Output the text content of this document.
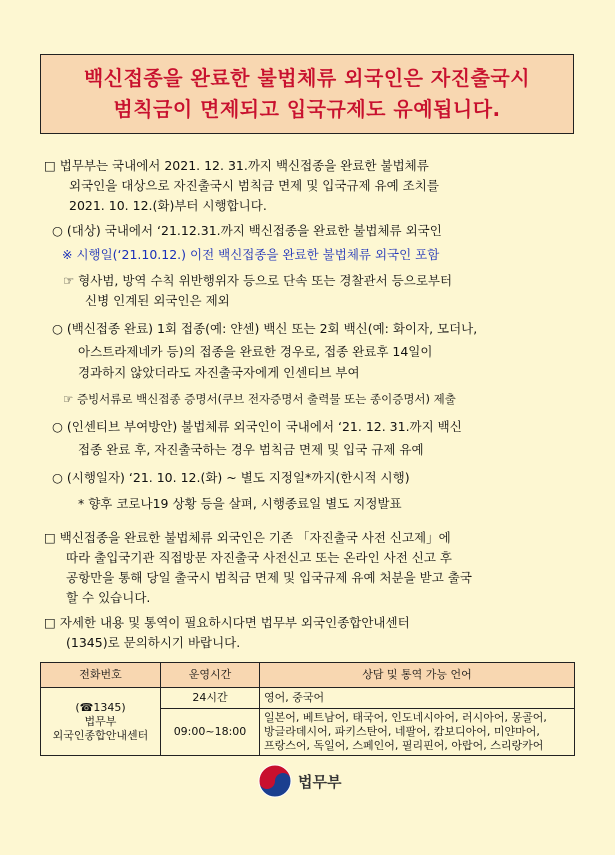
백신접종을 완료한 불법체류 외국인은 자진출국시
범칙금이 면제되고 입국규제도 유예됩니다.
□ 법무부는 국내에서 2021. 12. 31.까지 백신접종을 완료한 불법체류
외국인을 대상으로 자진출국시 범칙금 면제 및 입국규제 유예 조치를
2021. 10. 12.(화)부터 시행합니다.
○ (대상) 국내에서 ‘21.12.31.까지 백신접종을 완료한 불법체류 외국인
※ 시행일(‘21.10.12.) 이전 백신접종을 완료한 불법체류 외국인 포함
☞ 형사범, 방역 수칙 위반행위자 등으로 단속 또는 경찰관서 등으로부터
신병 인계된 외국인은 제외
○ (백신접종 완료) 1회 접종(예: 얀센) 백신 또는 2회 백신(예: 화이자, 모더나,
아스트라제네카 등)의 접종을 완료한 경우로, 접종 완료후 14일이
경과하지 않았더라도 자진출국자에게 인센티브 부여
☞ 증빙서류로 백신접종 증명서(쿠브 전자증명서 출력물 또는 종이증명서) 제출
○ (인센티브 부여방안) 불법체류 외국인이 국내에서 ‘21. 12. 31.까지 백신
접종 완료 후, 자진출국하는 경우 범칙금 면제 및 입국 규제 유예
○ (시행일자) ‘21. 10. 12.(화) ~ 별도 지정일*까지(한시적 시행)
* 향후 코로나19 상황 등을 살펴, 시행종료일 별도 지정발표
□ 백신접종을 완료한 불법체류 외국인은 기존 「자진출국 사전 신고제」에
따라 출입국기관 직접방문 자진출국 사전신고 또는 온라인 사전 신고 후
공항만을 통해 당일 출국시 범칙금 면제 및 입국규제 유예 처분을 받고 출국
할 수 있습니다.
□ 자세한 내용 및 통역이 필요하시다면 법무부 외국인종합안내센터
(1345)로 문의하시기 바랍니다.
전화번호	운영시간	상담 및 통역 가능 언어

(☎1345)
법무부
외국인종합안내센터	24시간	영어, 중국어
	09:00~18:00	일본어, 베트남어, 태국어, 인도네시아어, 러시아어, 몽골어,
방글라데시어, 파키스탄어, 네팔어, 캄보디아어, 미얀마어,
프랑스어, 독일어, 스페인어, 필리핀어, 아랍어, 스리랑카어
법무부
